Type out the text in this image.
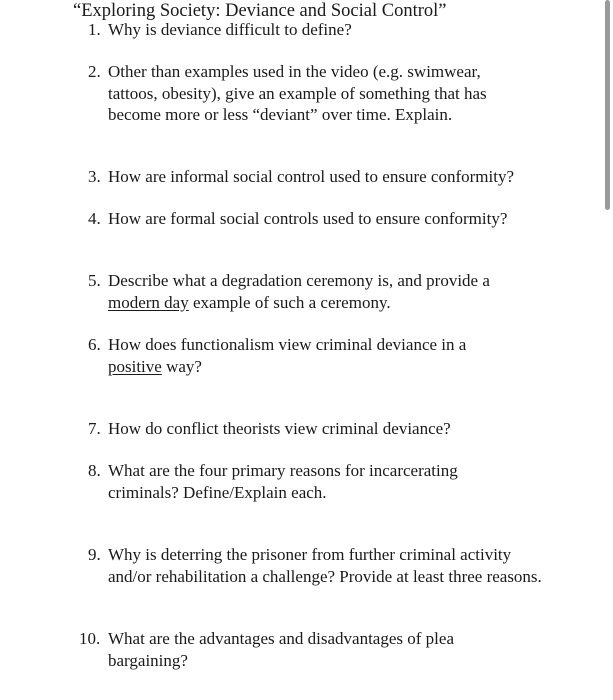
“Exploring Society: Deviance and Social Control”
1. Why is deviance difficult to define?
2. Other than examples used in the video (e.g. swimwear, tattoos, obesity), give an example of something that has become more or less “deviant” over time. Explain.
3. How are informal social control used to ensure conformity?
4. How are formal social controls used to ensure conformity?
5. Describe what a degradation ceremony is, and provide a
modern day example of such a ceremony.
6. How does functionalism view criminal deviance in a
positive way?
7. How do conflict theorists view criminal deviance?
8. What are the four primary reasons for incarcerating criminals? Define/Explain each.
9. Why is deterring the prisoner from further criminal activity and/or rehabilitation a challenge? Provide at least three reasons.
10. What are the advantages and disadvantages of plea bargaining?
